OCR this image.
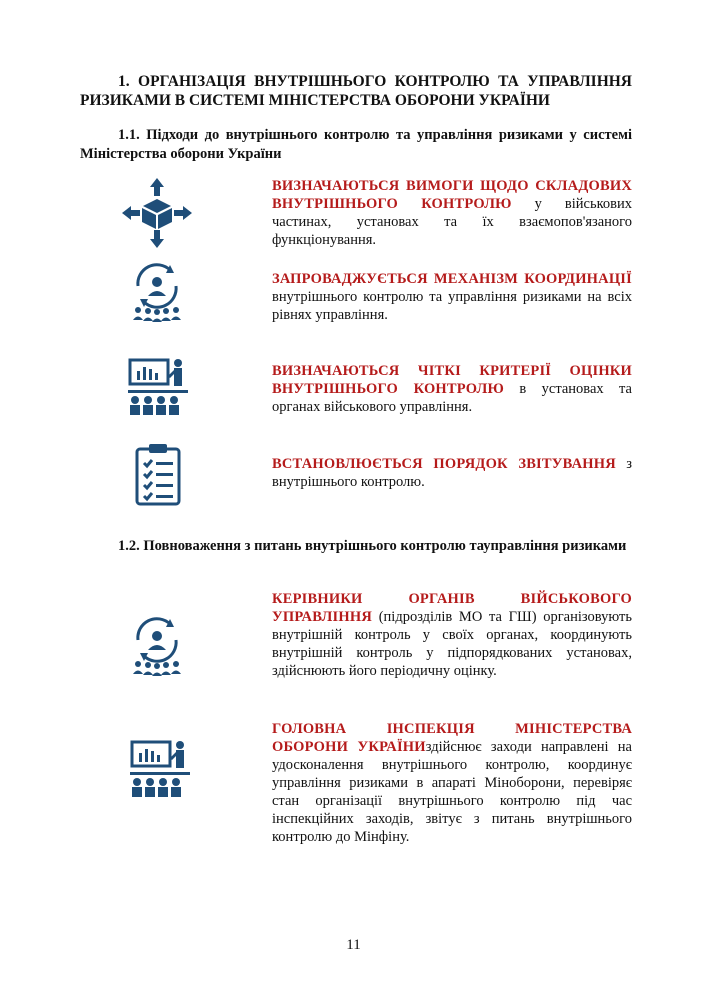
1. ОРГАНІЗАЦІЯ ВНУТРІШНЬОГО КОНТРОЛЮ ТА УПРАВЛІННЯ РИЗИКАМИ В СИСТЕМІ МІНІСТЕРСТВА ОБОРОНИ УКРАЇНИ
1.1. Підходи до внутрішнього контролю та управління ризиками у системі Міністерства оборони України
ВИЗНАЧАЮТЬСЯ ВИМОГИ ЩОДО СКЛАДОВИХ ВНУТРІШНЬОГО КОНТРОЛЮ у військових частинах, установах та їх взаємопов'язаного функціонування.
ЗАПРОВАДЖУЄТЬСЯ МЕХАНІЗМ КООРДИНАЦІЇ внутрішнього контролю та управління ризиками на всіх рівнях управління.
ВИЗНАЧАЮТЬСЯ ЧІТКІ КРИТЕРІЇ ОЦІНКИ ВНУТРІШНЬОГО КОНТРОЛЮ в установах та органах військового управління.
ВСТАНОВЛЮЄТЬСЯ ПОРЯДОК ЗВІТУВАННЯ з внутрішнього контролю.
1.2. Повноваження з питань внутрішнього контролю тауправління ризиками
КЕРІВНИКИ ОРГАНІВ ВІЙСЬКОВОГО УПРАВЛІННЯ (підрозділів МО та ГШ) організовують внутрішній контроль у своїх органах, координують внутрішній контроль у підпорядкованих установах, здійснюють його періодичну оцінку.
ГОЛОВНА ІНСПЕКЦІЯ МІНІСТЕРСТВА ОБОРОНИ УКРАЇНИздійснює заходи направлені на удосконалення внутрішнього контролю, координує управління ризиками в апараті Міноборони, перевіряє стан організації внутрішнього контролю під час інспекційних заходів, звітує з питань внутрішнього контролю до Мінфіну.
11
